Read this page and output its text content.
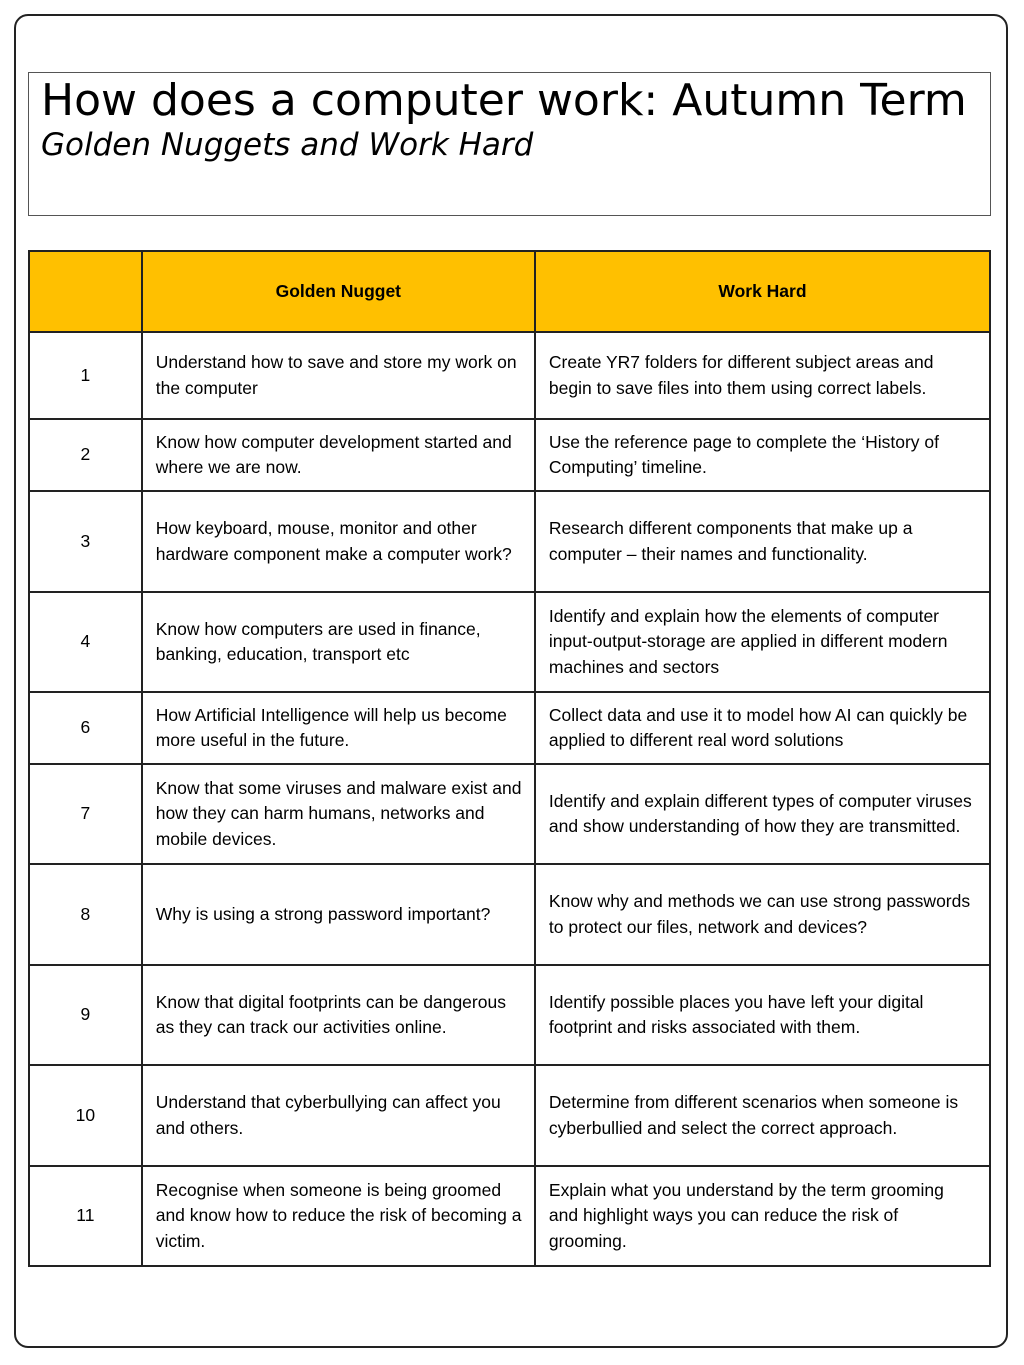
How does a computer work: Autumn Term
Golden Nuggets and Work Hard
	Golden Nugget	Work Hard
1	Understand how to save and store my work on the computer	Create YR7 folders for different subject areas and begin to save files into them using correct labels.
2	Know how computer development started and where we are now.	Use the reference page to complete the ‘History of Computing’ timeline.
3	How keyboard, mouse, monitor and other hardware component make a computer work?	Research different components that make up a computer – their names and functionality.
4	Know how computers are used in finance, banking, education, transport etc	Identify and explain how the elements of computer input-output-storage are applied in different modern machines and sectors
6	How Artificial Intelligence will help us become more useful in the future.	Collect data and use it to model how AI can quickly be applied to different real word solutions
7	Know that some viruses and malware exist and how they can harm humans, networks and mobile devices.	Identify and explain different types of computer viruses and show understanding of how they are transmitted.
8	Why is using a strong password important?	Know why and methods we can use strong passwords to protect our files, network and devices?
9	Know that digital footprints can be dangerous as they can track our activities online.	Identify possible places you have left your digital footprint and risks associated with them.
10	Understand that cyberbullying can affect you and others.	Determine from different scenarios when someone is cyberbullied and select the correct approach.
11	Recognise when someone is being groomed and know how to reduce the risk of becoming a victim.	Explain what you understand by the term grooming and highlight ways you can reduce the risk of grooming.
